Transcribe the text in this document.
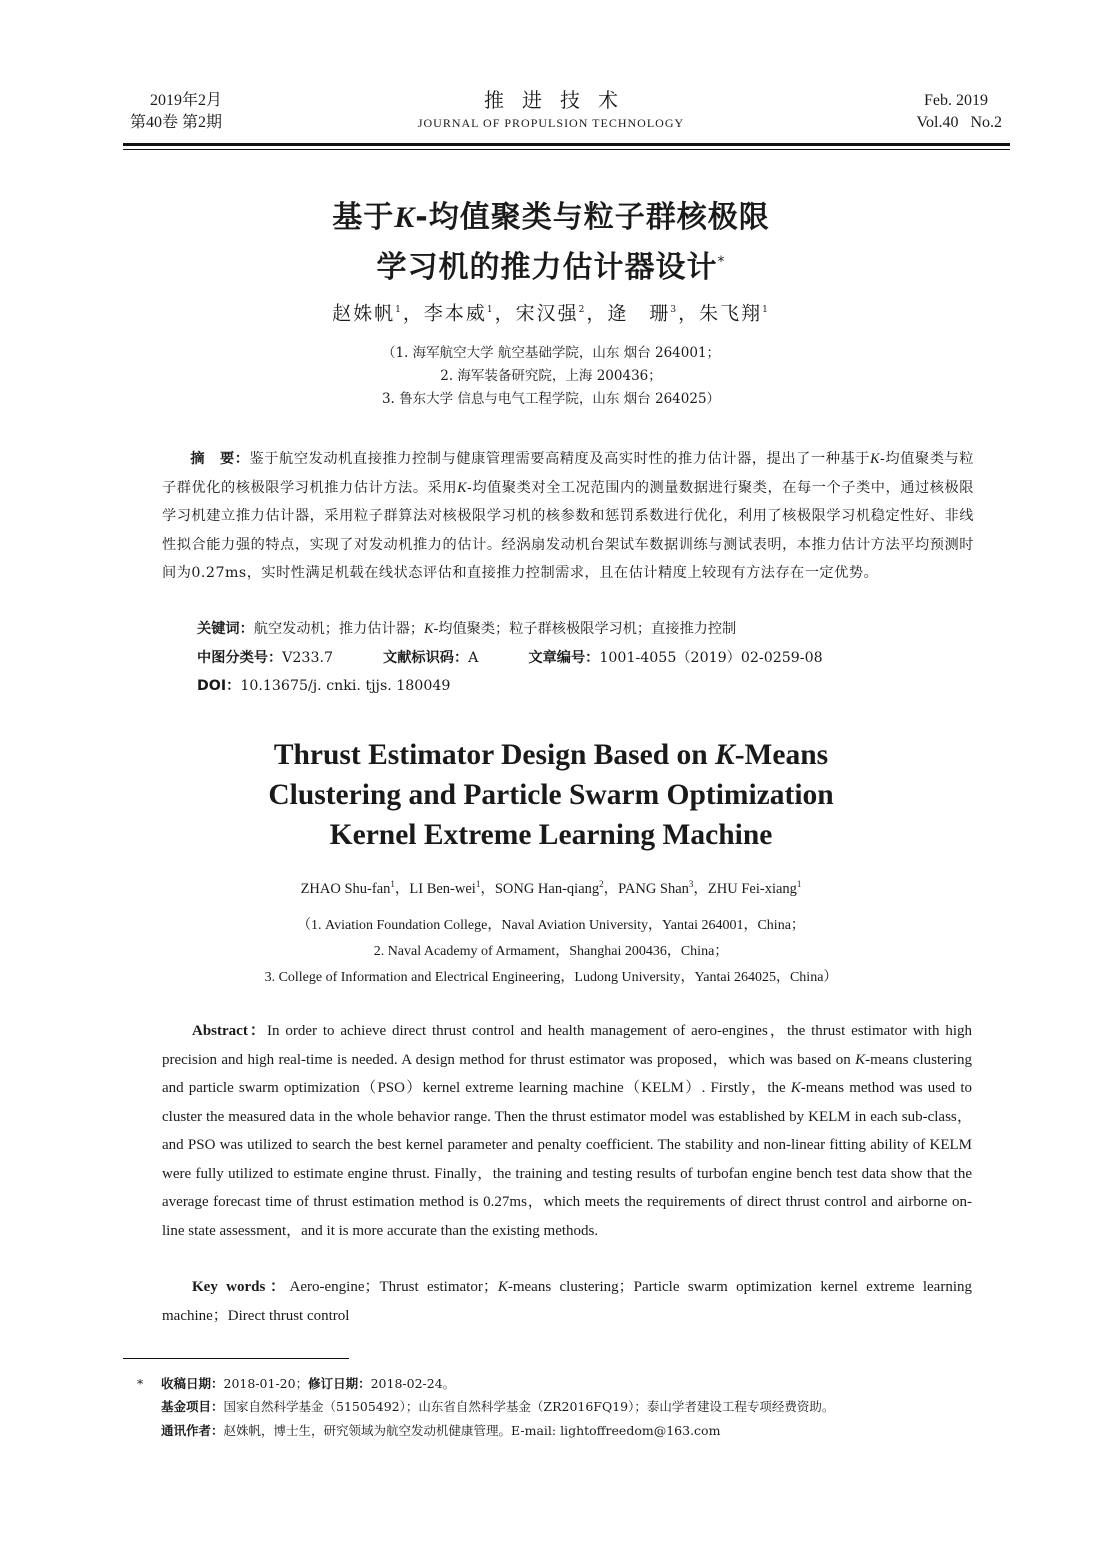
2019年2月
第40卷 第2期
推进技术
JOURNAL OF PROPULSION TECHNOLOGY
Feb. 2019
Vol.40   No.2
基于K-均值聚类与粒子群核极限
学习机的推力估计器设计*
赵姝帆$^1$，李本威$^1$，宋汉强$^2$，逄　珊$^3$，朱飞翔$^1$
（1. 海军航空大学 航空基础学院，山东 烟台 264001；
2. 海军装备研究院，上海 200436；
3. 鲁东大学 信息与电气工程学院，山东 烟台 264025）
摘　要：鉴于航空发动机直接推力控制与健康管理需要高精度及高实时性的推力估计器，提出了一种基于K-均值聚类与粒子群优化的核极限学习机推力估计方法。采用K-均值聚类对全工况范围内的测量数据进行聚类，在每一个子类中，通过核极限学习机建立推力估计器，采用粒子群算法对核极限学习机的核参数和惩罚系数进行优化，利用了核极限学习机稳定性好、非线性拟合能力强的特点，实现了对发动机推力的估计。经涡扇发动机台架试车数据训练与测试表明，本推力估计方法平均预测时间为0.27ms，实时性满足机载在线状态评估和直接推力控制需求，且在估计精度上较现有方法存在一定优势。
关键词：航空发动机；推力估计器；K-均值聚类；粒子群核极限学习机；直接推力控制
中图分类号：V233.7	文献标识码：A	文章编号：1001-4055（2019）02-0259-08
DOI：10.13675/j. cnki. tjjs. 180049
Thrust Estimator Design Based on K-Means
Clustering and Particle Swarm Optimization
Kernel Extreme Learning Machine
ZHAO Shu-fan$^1$，LI Ben-wei$^1$，SONG Han-qiang$^2$，PANG Shan$^3$，ZHU Fei-xiang$^1$
（1. Aviation Foundation College，Naval Aviation University，Yantai 264001，China；
2. Naval Academy of Armament，Shanghai 200436，China；
3. College of Information and Electrical Engineering，Ludong University，Yantai 264025，China）
Abstract：In order to achieve direct thrust control and health management of aero-engines，the thrust estimator with high precision and high real-time is needed. A design method for thrust estimator was proposed，which was based on K-means clustering and particle swarm optimization（PSO）kernel extreme learning machine（KELM）. Firstly，the K-means method was used to cluster the measured data in the whole behavior range. Then the thrust estimator model was established by KELM in each sub-class，and PSO was utilized to search the best kernel parameter and penalty coefficient. The stability and non-linear fitting ability of KELM were fully utilized to estimate engine thrust. Finally，the training and testing results of turbofan engine bench test data show that the average forecast time of thrust estimation method is 0.27ms，which meets the requirements of direct thrust control and airborne on-line state assessment，and it is more accurate than the existing methods.
Key words：Aero-engine；Thrust estimator；K-means clustering；Particle swarm optimization kernel extreme learning machine；Direct thrust control
* 收稿日期：2018-01-20；修订日期：2018-02-24。
基金项目：国家自然科学基金（51505492）；山东省自然科学基金（ZR2016FQ19）；泰山学者建设工程专项经费资助。
通讯作者：赵姝帆，博士生，研究领域为航空发动机健康管理。E-mail: lightoffreedom@163.com
